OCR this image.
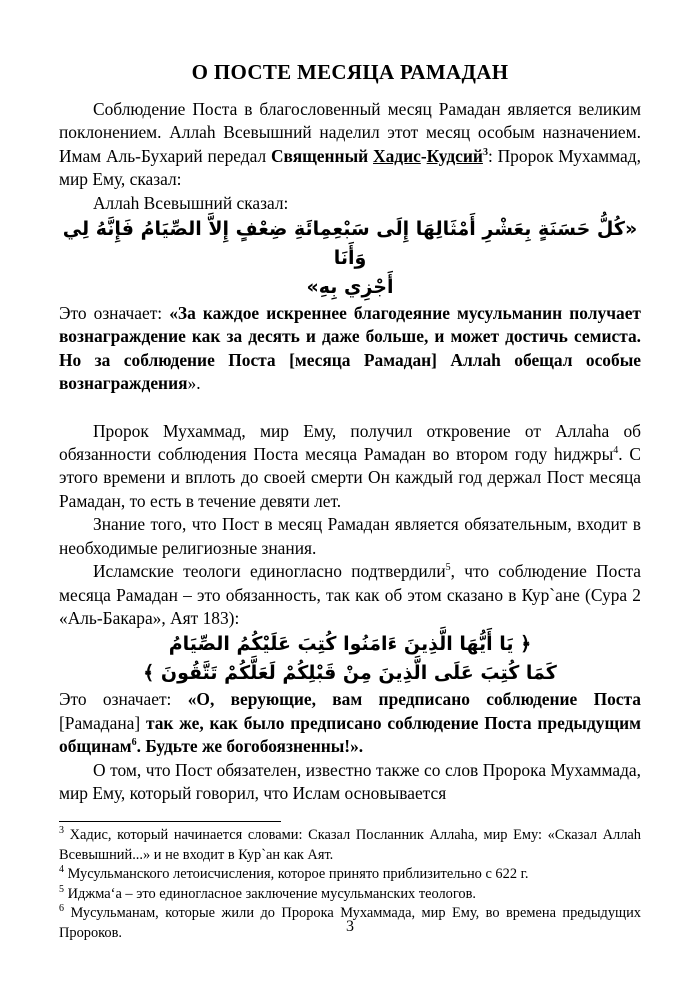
О ПОСТЕ МЕСЯЦА РАМАДАН

Соблюдение Поста в благословенный месяц Рамадан является великим поклонением. Аллаh Всевышний наделил этот месяц особым назначением. Имам Аль-Бухарий передал Священный Хадис-Кудсий$^3$: Пророк Мухаммад, мир Ему, сказал:

Аллаh Всевышний сказал:

«كُلُّ حَسَنَةٍ بِعَشْرِ أَمْثَالِهَا إِلَى سَبْعِمِائَةِ ضِعْفٍ إِلاَّ الصِّيَامُ فَإِنَّهُ لِي وَأَنَا

أَجْزِي بِهِ»

Это означает: «За каждое искреннее благодеяние мусульманин получает вознаграждение как за десять и даже больше, и может достичь семиста. Но за соблюдение Поста [месяца Рамадан] Аллаh обещал особые вознаграждения».

Пророк Мухаммад, мир Ему, получил откровение от Аллаhа об обязанности соблюдения Поста месяца Рамадан во втором году hиджры$^4$. С этого времени и вплоть до своей смерти Он каждый год держал Пост месяца Рамадан, то есть в течение девяти лет.

Знание того, что Пост в месяц Рамадан является обязательным, входит в необходимые религиозные знания.

Исламские теологи единогласно подтвердили$^5$, что соблюдение Поста месяца Рамадан – это обязанность, так как об этом сказано в Кур`ане (Сура 2 «Аль-Бакара», Аят 183):

﴿ يَا أَيُّهَا الَّذِينَ ءَامَنُوا كُتِبَ عَلَيْكُمُ الصِّيَامُ

كَمَا كُتِبَ عَلَى الَّذِينَ مِنْ قَبْلِكُمْ لَعَلَّكُمْ تَتَّقُونَ ﴾

Это означает: «О, верующие, вам предписано соблюдение Поста [Рамадана] так же, как было предписано соблюдение Поста предыдущим общинам$^6$. Будьте же богобоязненны!».

О том, что Пост обязателен, известно также со слов Пророка Мухаммада, мир Ему, который говорил, что Ислам основывается

$^3$ Хадис, который начинается словами: Сказал Посланник Аллаhа, мир Ему: «Сказал Аллаh Всевышний...» и не входит в Кур`ан как Аят.

$^4$ Мусульманского летоисчисления, которое принято приблизительно с 622 г.

$^5$ Иджма‘а – это единогласное заключение мусульманских теологов.

$^6$ Мусульманам, которые жили до Пророка Мухаммада, мир Ему, во времена предыдущих Пророков.	3
